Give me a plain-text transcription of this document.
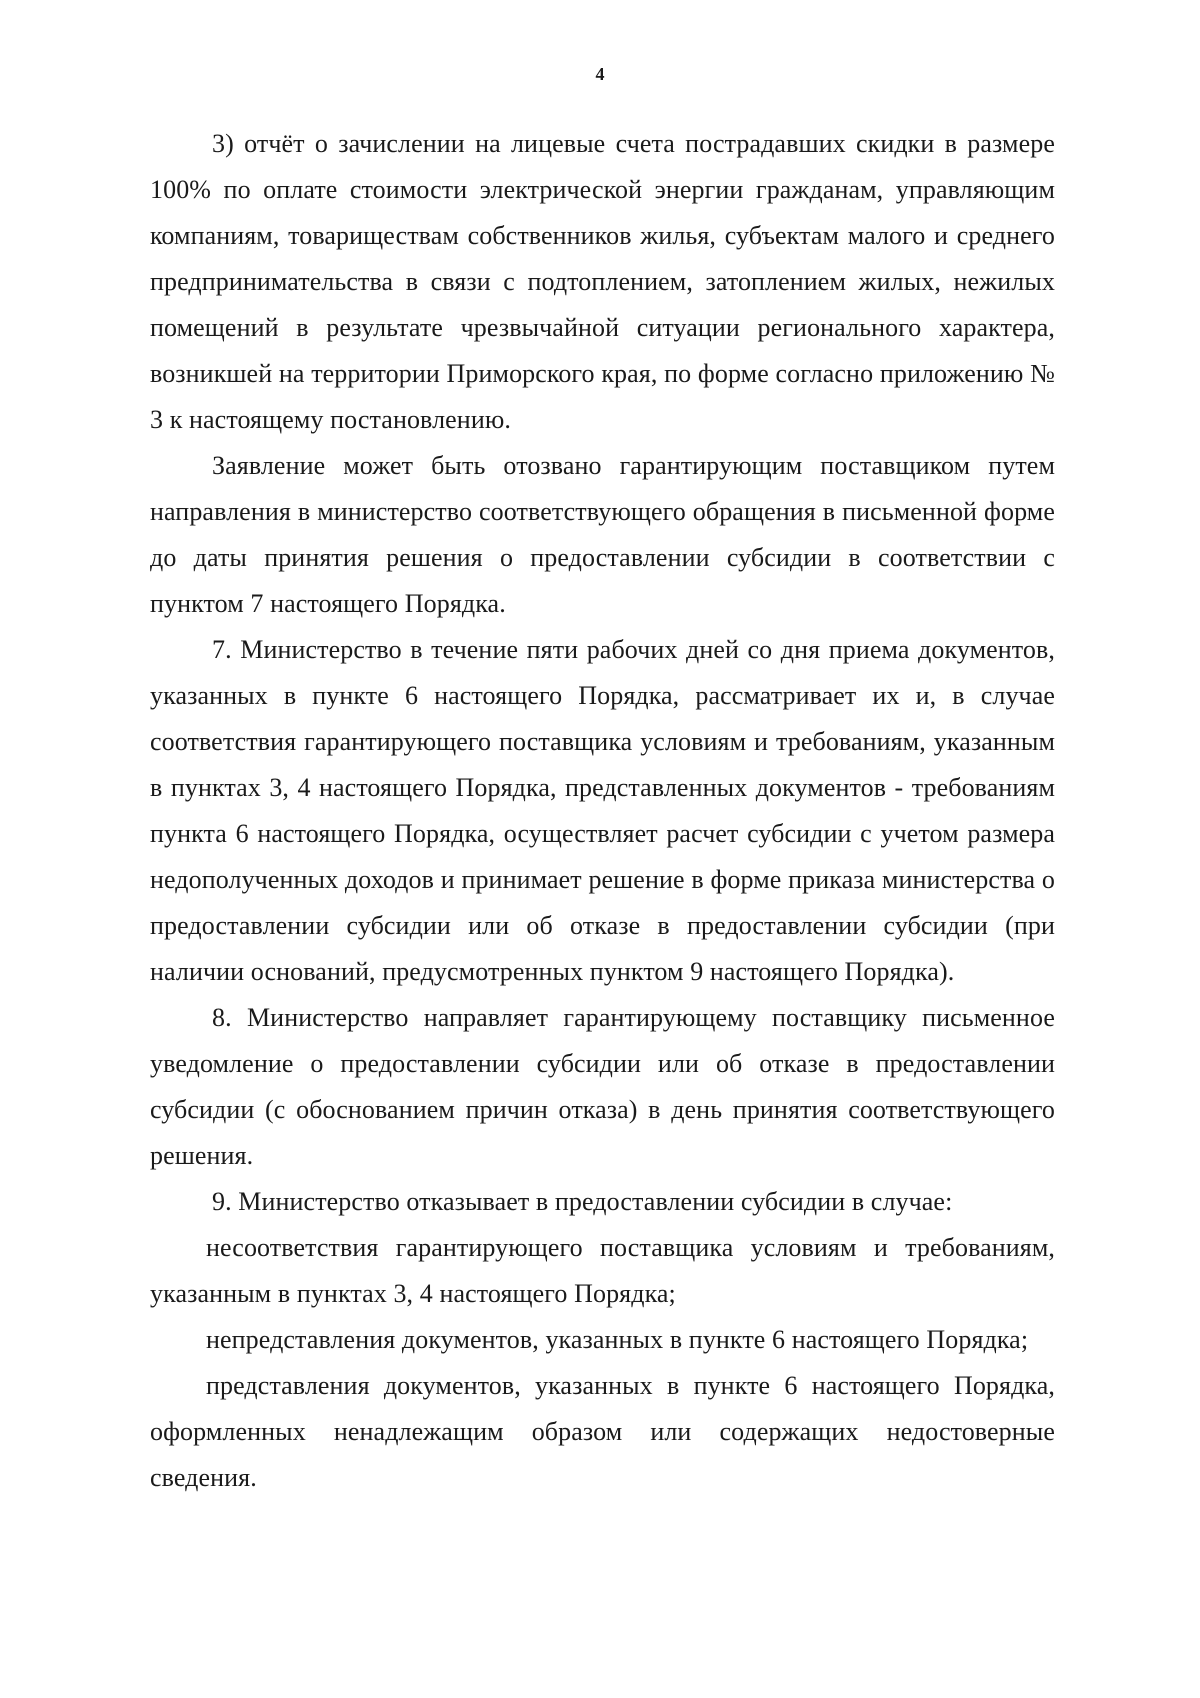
4

3) отчёт о зачислении на лицевые счета пострадавших скидки в размере 100% по оплате стоимости электрической энергии гражданам, управляющим компаниям, товариществам собственников жилья, субъектам малого и среднего предпринимательства в связи с подтоплением, затоплением жилых, нежилых помещений в результате чрезвычайной ситуации регионального характера, возникшей на территории Приморского края, по форме согласно приложению № 3 к настоящему постановлению.

Заявление может быть отозвано гарантирующим поставщиком путем направления в министерство соответствующего обращения в письменной форме до даты принятия решения о предоставлении субсидии в соответствии с пунктом 7 настоящего Порядка.

7. Министерство в течение пяти рабочих дней со дня приема документов, указанных в пункте 6 настоящего Порядка, рассматривает их и, в случае соответствия гарантирующего поставщика условиям и требованиям, указанным в пунктах 3, 4 настоящего Порядка, представленных документов - требованиям пункта 6 настоящего Порядка, осуществляет расчет субсидии с учетом размера недополученных доходов и принимает решение в форме приказа министерства о предоставлении субсидии или об отказе в предоставлении субсидии (при наличии оснований, предусмотренных пунктом 9 настоящего Порядка).

8. Министерство направляет гарантирующему поставщику письменное уведомление о предоставлении субсидии или об отказе в предоставлении субсидии (с обоснованием причин отказа) в день принятия соответствующего решения.

9. Министерство отказывает в предоставлении субсидии в случае:

несоответствия гарантирующего поставщика условиям и требованиям, указанным в пунктах 3, 4 настоящего Порядка;

непредставления документов, указанных в пункте 6 настоящего Порядка;

представления документов, указанных в пункте 6 настоящего Порядка, оформленных ненадлежащим образом или содержащих недостоверные сведения.
